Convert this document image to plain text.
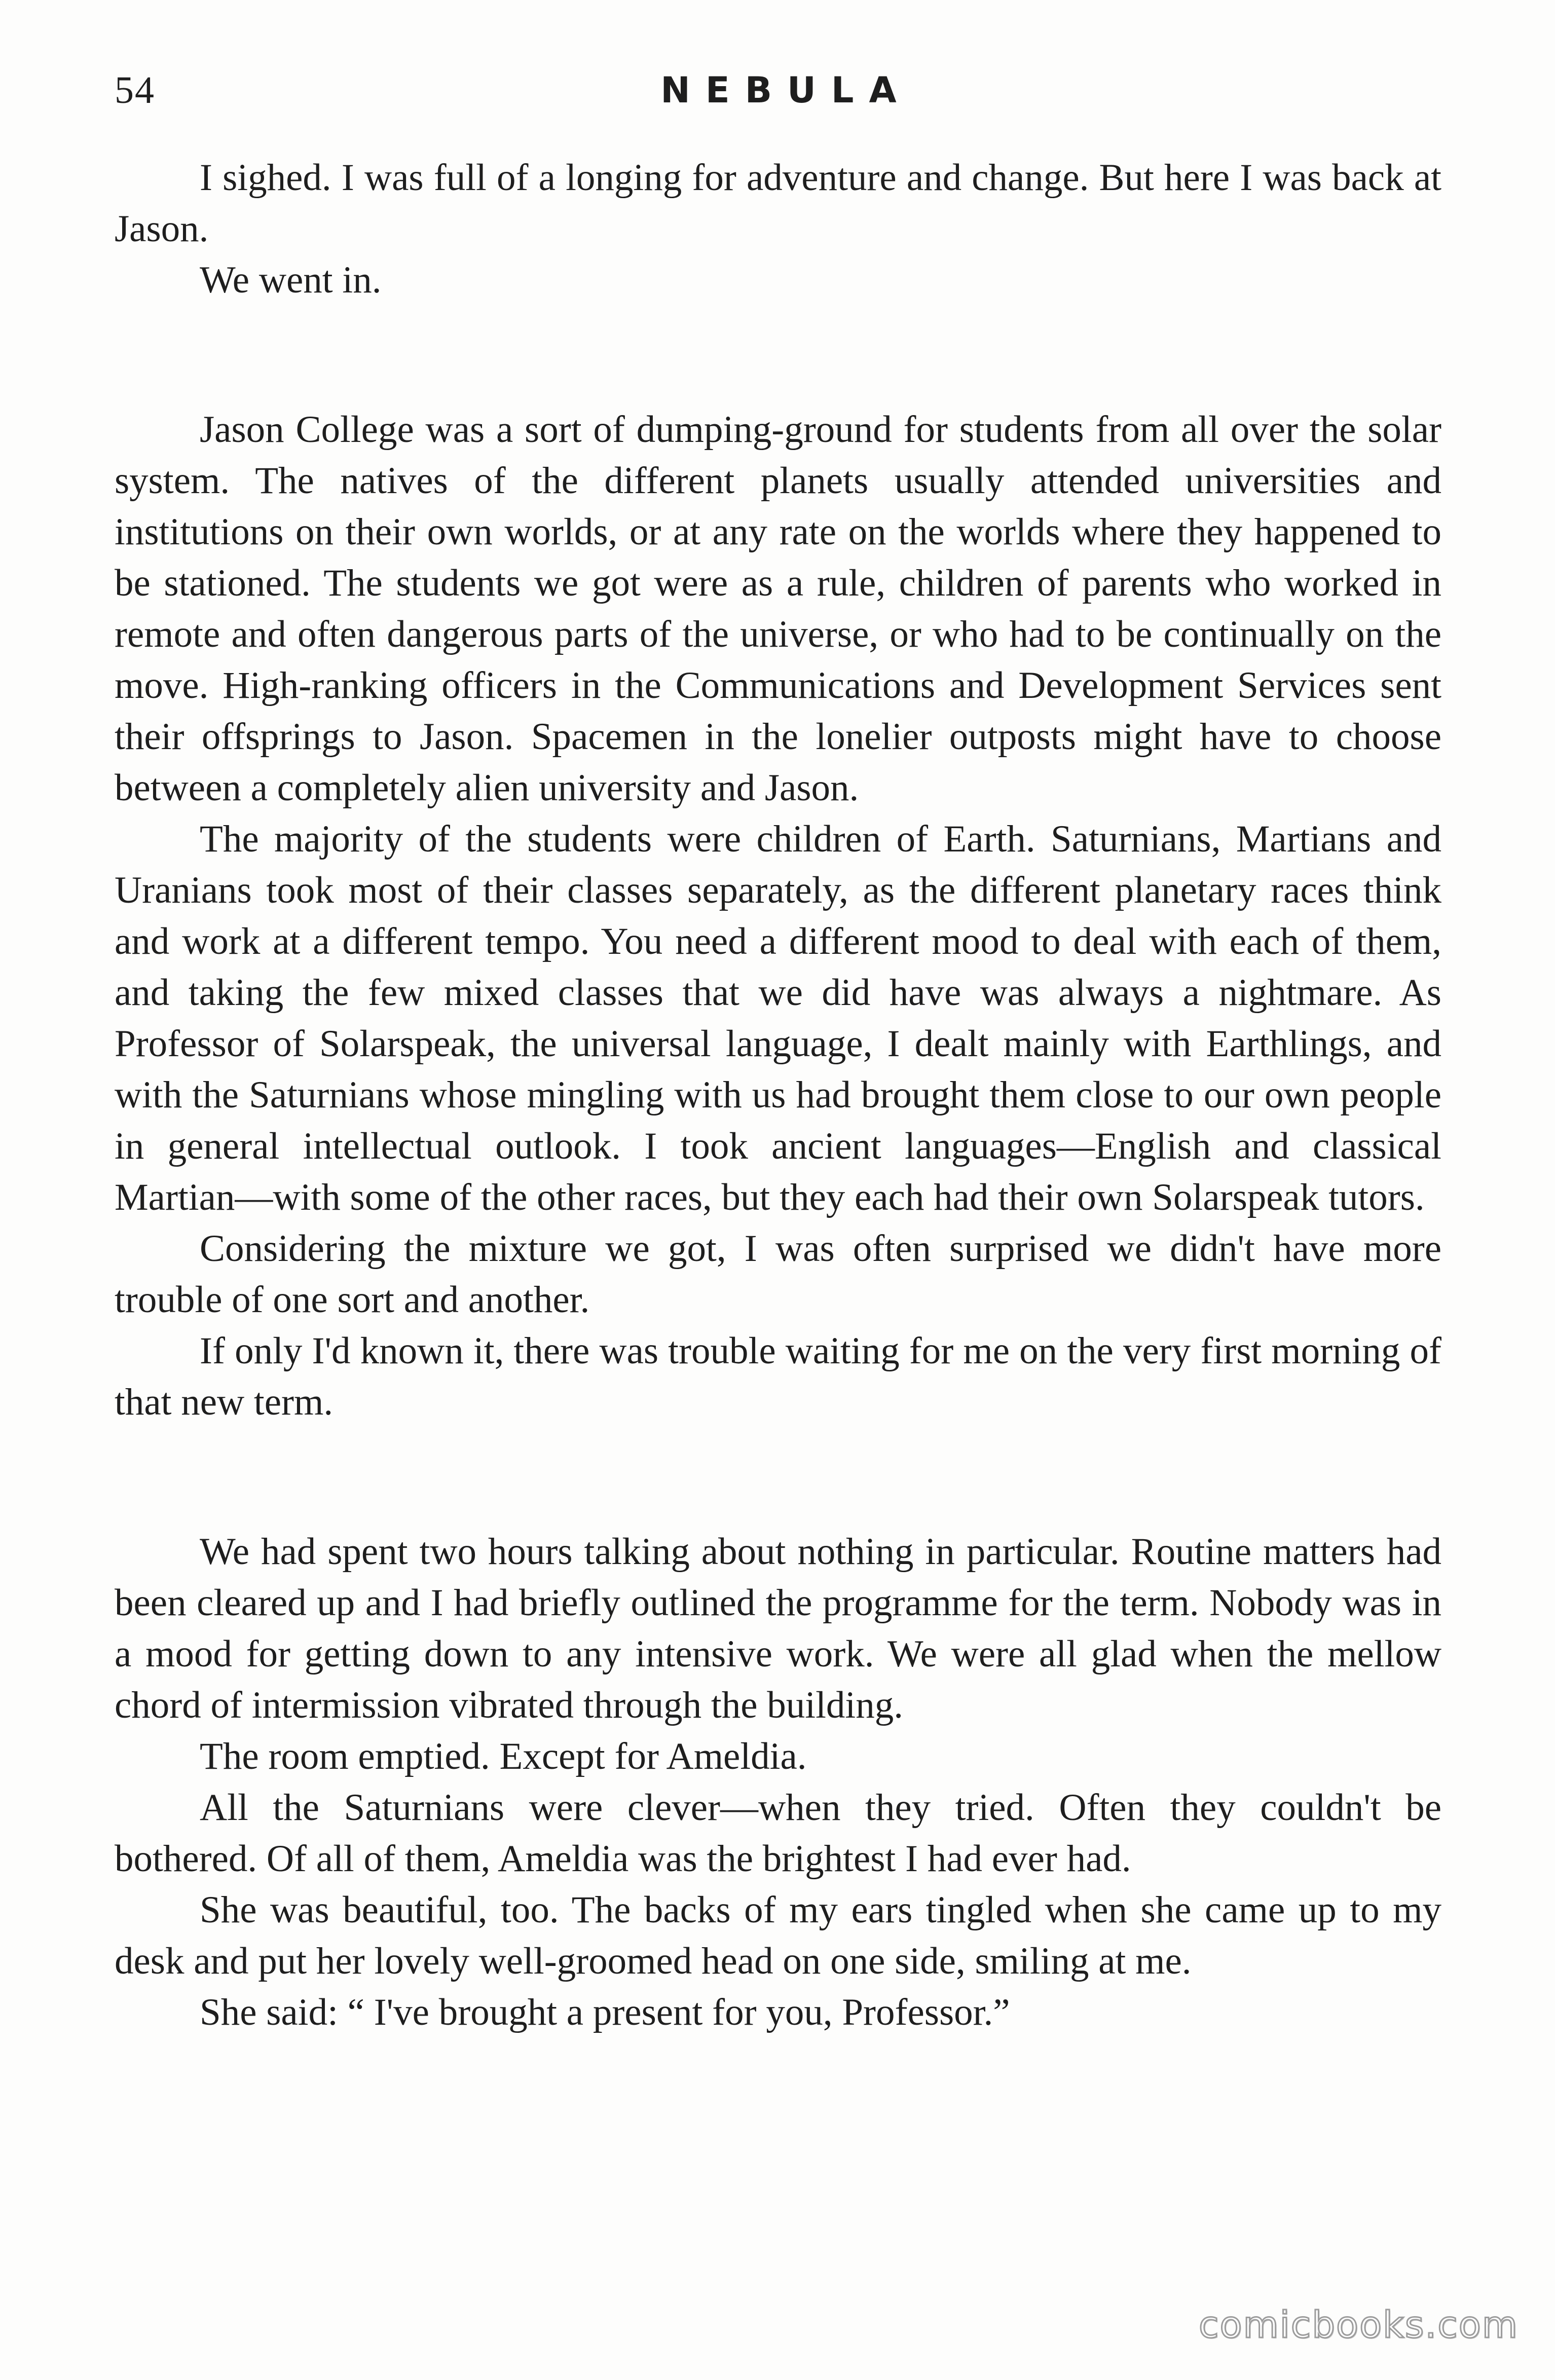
54	NEBULA

I sighed. I was full of a longing for adventure and change. But here I was back at Jason.

We went in.

Jason College was a sort of dumping-ground for students from all over the solar system. The natives of the different planets usually attended universities and institutions on their own worlds, or at any rate on the worlds where they happened to be stationed. The students we got were as a rule, children of parents who worked in remote and often dangerous parts of the universe, or who had to be continually on the move. High-ranking officers in the Communications and Development Services sent their offsprings to Jason. Spacemen in the lonelier outposts might have to choose between a completely alien university and Jason.

The majority of the students were children of Earth. Saturnians, Martians and Uranians took most of their classes separately, as the different planetary races think and work at a different tempo. You need a different mood to deal with each of them, and taking the few mixed classes that we did have was always a nightmare. As Professor of Solarspeak, the universal language, I dealt mainly with Earthlings, and with the Saturnians whose mingling with us had brought them close to our own people in general intellectual outlook. I took ancient languages—English and classical Martian—with some of the other races, but they each had their own Solarspeak tutors.

Considering the mixture we got, I was often surprised we didn't have more trouble of one sort and another.

If only I'd known it, there was trouble waiting for me on the very first morning of that new term.

We had spent two hours talking about nothing in particular. Routine matters had been cleared up and I had briefly outlined the programme for the term. Nobody was in a mood for getting down to any intensive work. We were all glad when the mellow chord of intermission vibrated through the building.

The room emptied. Except for Ameldia.

All the Saturnians were clever—when they tried. Often they couldn't be bothered. Of all of them, Ameldia was the brightest I had ever had.

She was beautiful, too. The backs of my ears tingled when she came up to my desk and put her lovely well-groomed head on one side, smiling at me.

She said: “ I've brought a present for you, Professor.”

comicbooks.com
